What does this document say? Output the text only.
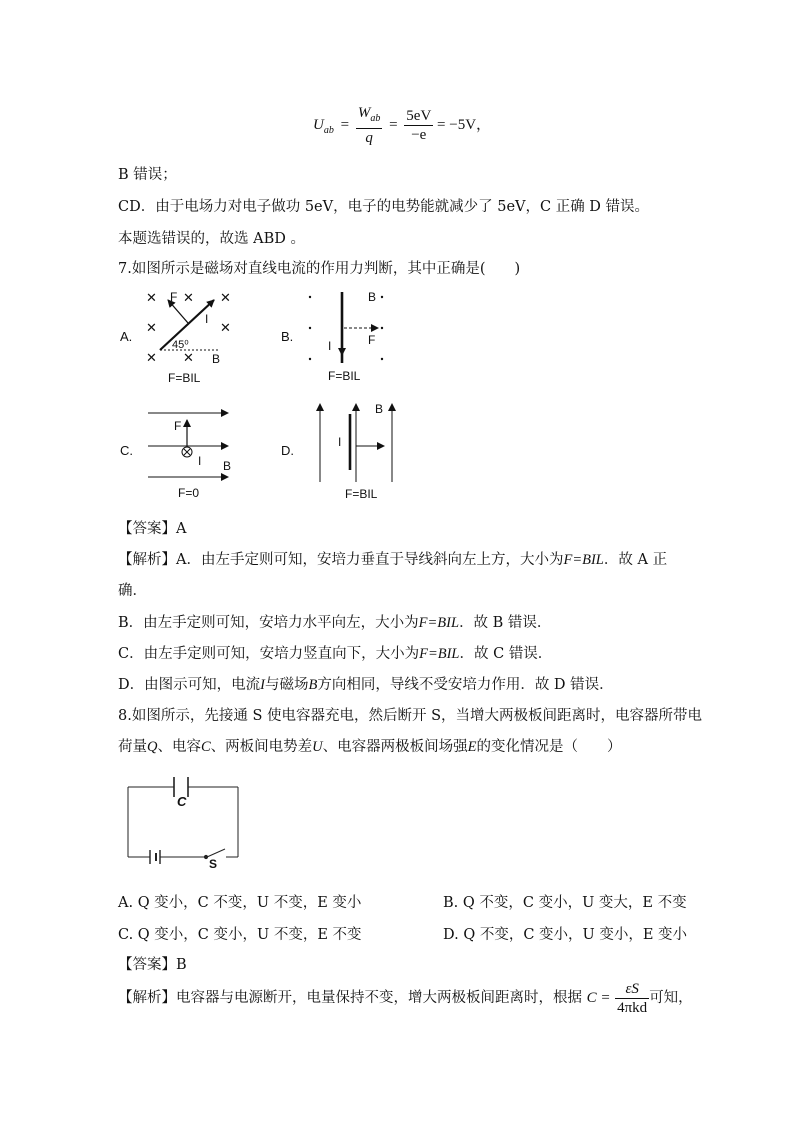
$U_{ab} = \frac{W_{ab}}{q} = \frac{5eV}{-e} = -5V$，
B 错误；
CD．由于电场力对电子做功 5eV，电子的电势能就减少了 5eV，C 正确 D 错误。
本题选错误的，故选 ABD 。
7.如图所示是磁场对直线电流的作用力判断，其中正确是(　　)
A.
✕ ✕ ✕
✕	✕
✕ ✕
F
I
45⁰
B
F=BIL
B.
B
I	F
F=BIL
C.
F
I B
F=0
D.
I
B
F=BIL
【答案】A
【解析】A．由左手定则可知，安培力垂直于导线斜向左上方，大小为F=BIL．故 A 正
确．
B．由左手定则可知，安培力水平向左，大小为F=BIL．故 B 错误．
C．由左手定则可知，安培力竖直向下，大小为F=BIL．故 C 错误．
D．由图示可知，电流I与磁场B方向相同，导线不受安培力作用．故 D 错误．
8.如图所示，先接通 S 使电容器充电，然后断开 S，当增大两极板间距离时，电容器所带电
荷量Q、电容C、两板间电势差U、电容器两极板间场强E的变化情况是（　　）
C
S
A. Q 变小，C 不变，U 不变，E 变小	B. Q 不变，C 变小，U 变大，E 不变
C. Q 变小，C 变小，U 不变，E 不变	D. Q 不变，C 变小，U 变小，E 变小
【答案】B
【解析】电容器与电源断开，电量保持不变，增大两极板间距离时，根据 $C = \frac{\varepsilon S}{\text{4πkd}}$ 可知，
